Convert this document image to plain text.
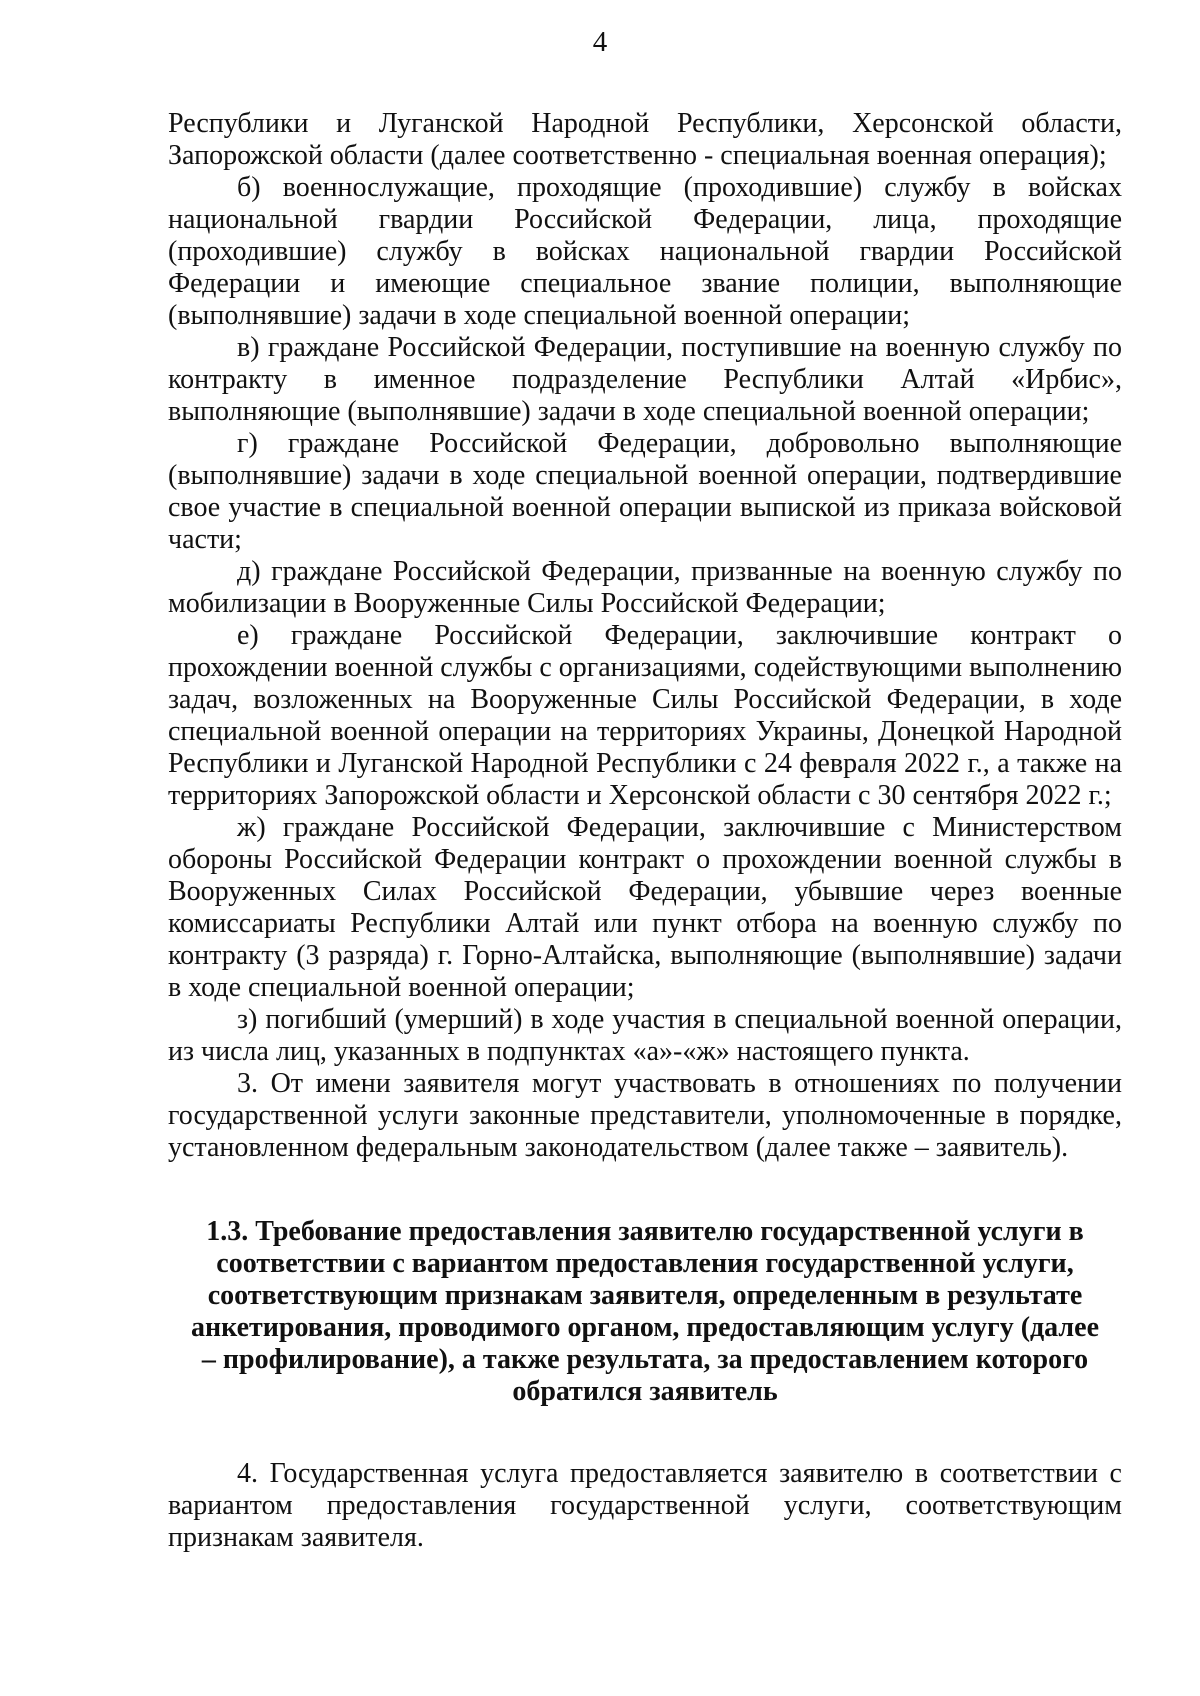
4

Республики и Луганской Народной Республики, Херсонской области, Запорожской области (далее соответственно - специальная военная операция);

б) военнослужащие, проходящие (проходившие) службу в войсках национальной гвардии Российской Федерации, лица, проходящие (проходившие) службу в войсках национальной гвардии Российской Федерации и имеющие специальное звание полиции, выполняющие (выполнявшие) задачи в ходе специальной военной операции;

в) граждане Российской Федерации, поступившие на военную службу по контракту в именное подразделение Республики Алтай «Ирбис», выполняющие (выполнявшие) задачи в ходе специальной военной операции;

г) граждане Российской Федерации, добровольно выполняющие (выполнявшие) задачи в ходе специальной военной операции, подтвердившие свое участие в специальной военной операции выпиской из приказа войсковой части;

д) граждане Российской Федерации, призванные на военную службу по мобилизации в Вооруженные Силы Российской Федерации;

е) граждане Российской Федерации, заключившие контракт о прохождении военной службы с организациями, содействующими выполнению задач, возложенных на Вооруженные Силы Российской Федерации, в ходе специальной военной операции на территориях Украины, Донецкой Народной Республики и Луганской Народной Республики с 24 февраля 2022 г., а также на территориях Запорожской области и Херсонской области с 30 сентября 2022 г.;

ж) граждане Российской Федерации, заключившие с Министерством обороны Российской Федерации контракт о прохождении военной службы в Вооруженных Силах Российской Федерации, убывшие через военные комиссариаты Республики Алтай или пункт отбора на военную службу по контракту (3 разряда) г. Горно-Алтайска, выполняющие (выполнявшие) задачи в ходе специальной военной операции;

з) погибший (умерший) в ходе участия в специальной военной операции, из числа лиц, указанных в подпунктах «а»-«ж» настоящего пункта.

3. От имени заявителя могут участвовать в отношениях по получении государственной услуги законные представители, уполномоченные в порядке, установленном федеральным законодательством (далее также – заявитель).

1.3. Требование предоставления заявителю государственной услуги в соответствии с вариантом предоставления государственной услуги, соответствующим признакам заявителя, определенным в результате анкетирования, проводимого органом, предоставляющим услугу (далее – профилирование), а также результата, за предоставлением которого обратился заявитель

4. Государственная услуга предоставляется заявителю в соответствии с вариантом предоставления государственной услуги, соответствующим признакам заявителя.
